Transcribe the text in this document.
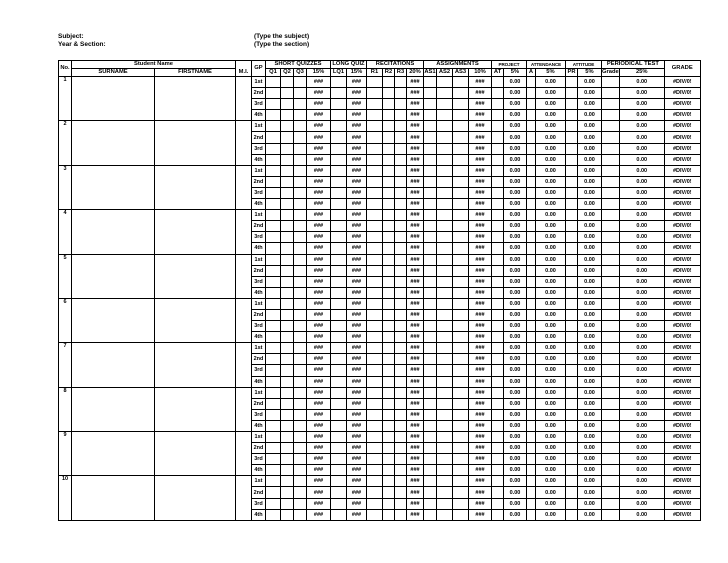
Subject:
Year & Section:
(Type the subject)
(Type the section)
No.	Student Name		M.I.	GP	SHORT QUIZZES				LONG QUIZ		RECITATIONS				ASSIGNMENTS				PROJECT		ATTENDANCE		ATTITUDE		PERIODICAL TEST		GRADE
	SURNAME	FIRSTNAME			Q1	Q2	Q3	15%	LQ1	15%	R1	R2	R3	20%	AS1	AS2	AS3	10%	AT	5%	A	5%	PR	5%	Grade	25%	
1				1st				###		###				###				###		0.00		0.00		0.00		0.00	#DIV/0!
				2nd				###		###				###				###		0.00		0.00		0.00		0.00	#DIV/0!
				3rd				###		###				###				###		0.00		0.00		0.00		0.00	#DIV/0!
				4th				###		###				###				###		0.00		0.00		0.00		0.00	#DIV/0!
2				1st				###		###				###				###		0.00		0.00		0.00		0.00	#DIV/0!
				2nd				###		###				###				###		0.00		0.00		0.00		0.00	#DIV/0!
				3rd				###		###				###				###		0.00		0.00		0.00		0.00	#DIV/0!
				4th				###		###				###				###		0.00		0.00		0.00		0.00	#DIV/0!
3				1st				###		###				###				###		0.00		0.00		0.00		0.00	#DIV/0!
				2nd				###		###				###				###		0.00		0.00		0.00		0.00	#DIV/0!
				3rd				###		###				###				###		0.00		0.00		0.00		0.00	#DIV/0!
				4th				###		###				###				###		0.00		0.00		0.00		0.00	#DIV/0!
4				1st				###		###				###				###		0.00		0.00		0.00		0.00	#DIV/0!
				2nd				###		###				###				###		0.00		0.00		0.00		0.00	#DIV/0!
				3rd				###		###				###				###		0.00		0.00		0.00		0.00	#DIV/0!
				4th				###		###				###				###		0.00		0.00		0.00		0.00	#DIV/0!
5				1st				###		###				###				###		0.00		0.00		0.00		0.00	#DIV/0!
				2nd				###		###				###				###		0.00		0.00		0.00		0.00	#DIV/0!
				3rd				###		###				###				###		0.00		0.00		0.00		0.00	#DIV/0!
				4th				###		###				###				###		0.00		0.00		0.00		0.00	#DIV/0!
6				1st				###		###				###				###		0.00		0.00		0.00		0.00	#DIV/0!
				2nd				###		###				###				###		0.00		0.00		0.00		0.00	#DIV/0!
				3rd				###		###				###				###		0.00		0.00		0.00		0.00	#DIV/0!
				4th				###		###				###				###		0.00		0.00		0.00		0.00	#DIV/0!
7				1st				###		###				###				###		0.00		0.00		0.00		0.00	#DIV/0!
				2nd				###		###				###				###		0.00		0.00		0.00		0.00	#DIV/0!
				3rd				###		###				###				###		0.00		0.00		0.00		0.00	#DIV/0!
				4th				###		###				###				###		0.00		0.00		0.00		0.00	#DIV/0!
8				1st				###		###				###				###		0.00		0.00		0.00		0.00	#DIV/0!
				2nd				###		###				###				###		0.00		0.00		0.00		0.00	#DIV/0!
				3rd				###		###				###				###		0.00		0.00		0.00		0.00	#DIV/0!
				4th				###		###				###				###		0.00		0.00		0.00		0.00	#DIV/0!
9				1st				###		###				###				###		0.00		0.00		0.00		0.00	#DIV/0!
				2nd				###		###				###				###		0.00		0.00		0.00		0.00	#DIV/0!
				3rd				###		###				###				###		0.00		0.00		0.00		0.00	#DIV/0!
				4th				###		###				###				###		0.00		0.00		0.00		0.00	#DIV/0!
10				1st				###		###				###				###		0.00		0.00		0.00		0.00	#DIV/0!
				2nd				###		###				###				###		0.00		0.00		0.00		0.00	#DIV/0!
				3rd				###		###				###				###		0.00		0.00		0.00		0.00	#DIV/0!
				4th				###		###				###				###		0.00		0.00		0.00		0.00	#DIV/0!
